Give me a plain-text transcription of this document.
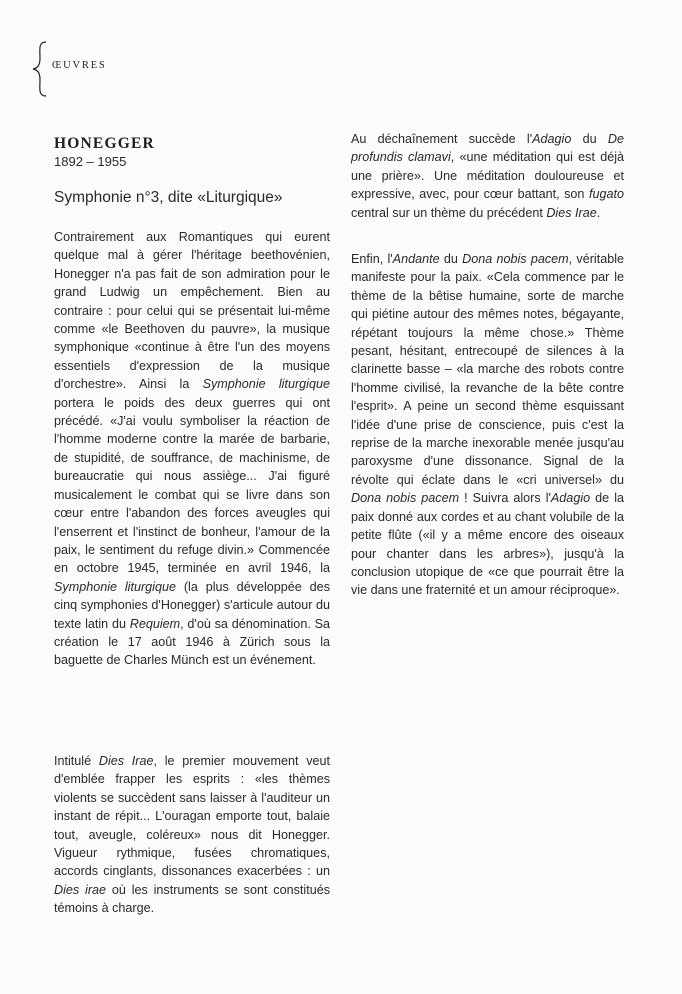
ŒUVRES
HONEGGER
1892 – 1955
Symphonie n°3, dite «Liturgique»

Contrairement aux Romantiques qui eurent quelque mal à gérer l'héritage beethovénien, Honegger n'a pas fait de son admiration pour le grand Ludwig un empêchement. Bien au contraire : pour celui qui se présentait lui-même comme «le Beethoven du pauvre», la musique symphonique «continue à être l'un des moyens essentiels d'expression de la musique d'orchestre». Ainsi la Symphonie liturgique portera le poids des deux guerres qui ont précédé. «J'ai voulu symboliser la réaction de l'homme moderne contre la marée de barbarie, de stupidité, de souffrance, de machinisme, de bureaucratie qui nous assiège... J'ai figuré musicalement le combat qui se livre dans son cœur entre l'abandon des forces aveugles qui l'enserrent et l'instinct de bonheur, l'amour de la paix, le sentiment du refuge divin.» Commencée en octobre 1945, terminée en avril 1946, la Symphonie liturgique (la plus développée des cinq symphonies d'Honegger) s'articule autour du texte latin du Requiem, d'où sa dénomination. Sa création le 17 août 1946 à Zürich sous la baguette de Charles Münch est un événement.

Intitulé Dies Irae, le premier mouvement veut d'emblée frapper les esprits : «les thèmes violents se succèdent sans laisser à l'auditeur un instant de répit... L'ouragan emporte tout, balaie tout, aveugle, coléreux» nous dit Honegger. Vigueur rythmique, fusées chromatiques, accords cinglants, dissonances exacerbées : un Dies irae où les instruments se sont constitués témoins à charge.

Au déchaînement succède l'Adagio du De profundis clamavi, «une méditation qui est déjà une prière». Une méditation douloureuse et expressive, avec, pour cœur battant, son fugato central sur un thème du précédent Dies Irae.

Enfin, l'Andante du Dona nobis pacem, véritable manifeste pour la paix. «Cela commence par le thème de la bêtise humaine, sorte de marche qui piétine autour des mêmes notes, bégayante, répétant toujours la même chose.» Thème pesant, hésitant, entrecoupé de silences à la clarinette basse – «la marche des robots contre l'homme civilisé, la revanche de la bête contre l'esprit». A peine un second thème esquissant l'idée d'une prise de conscience, puis c'est la reprise de la marche inexorable menée jusqu'au paroxysme d'une dissonance. Signal de la révolte qui éclate dans le «cri universel» du Dona nobis pacem ! Suivra alors l'Adagio de la paix donné aux cordes et au chant volubile de la petite flûte («il y a même encore des oiseaux pour chanter dans les arbres»), jusqu'à la conclusion utopique de «ce que pourrait être la vie dans une fraternité et un amour réciproque».
